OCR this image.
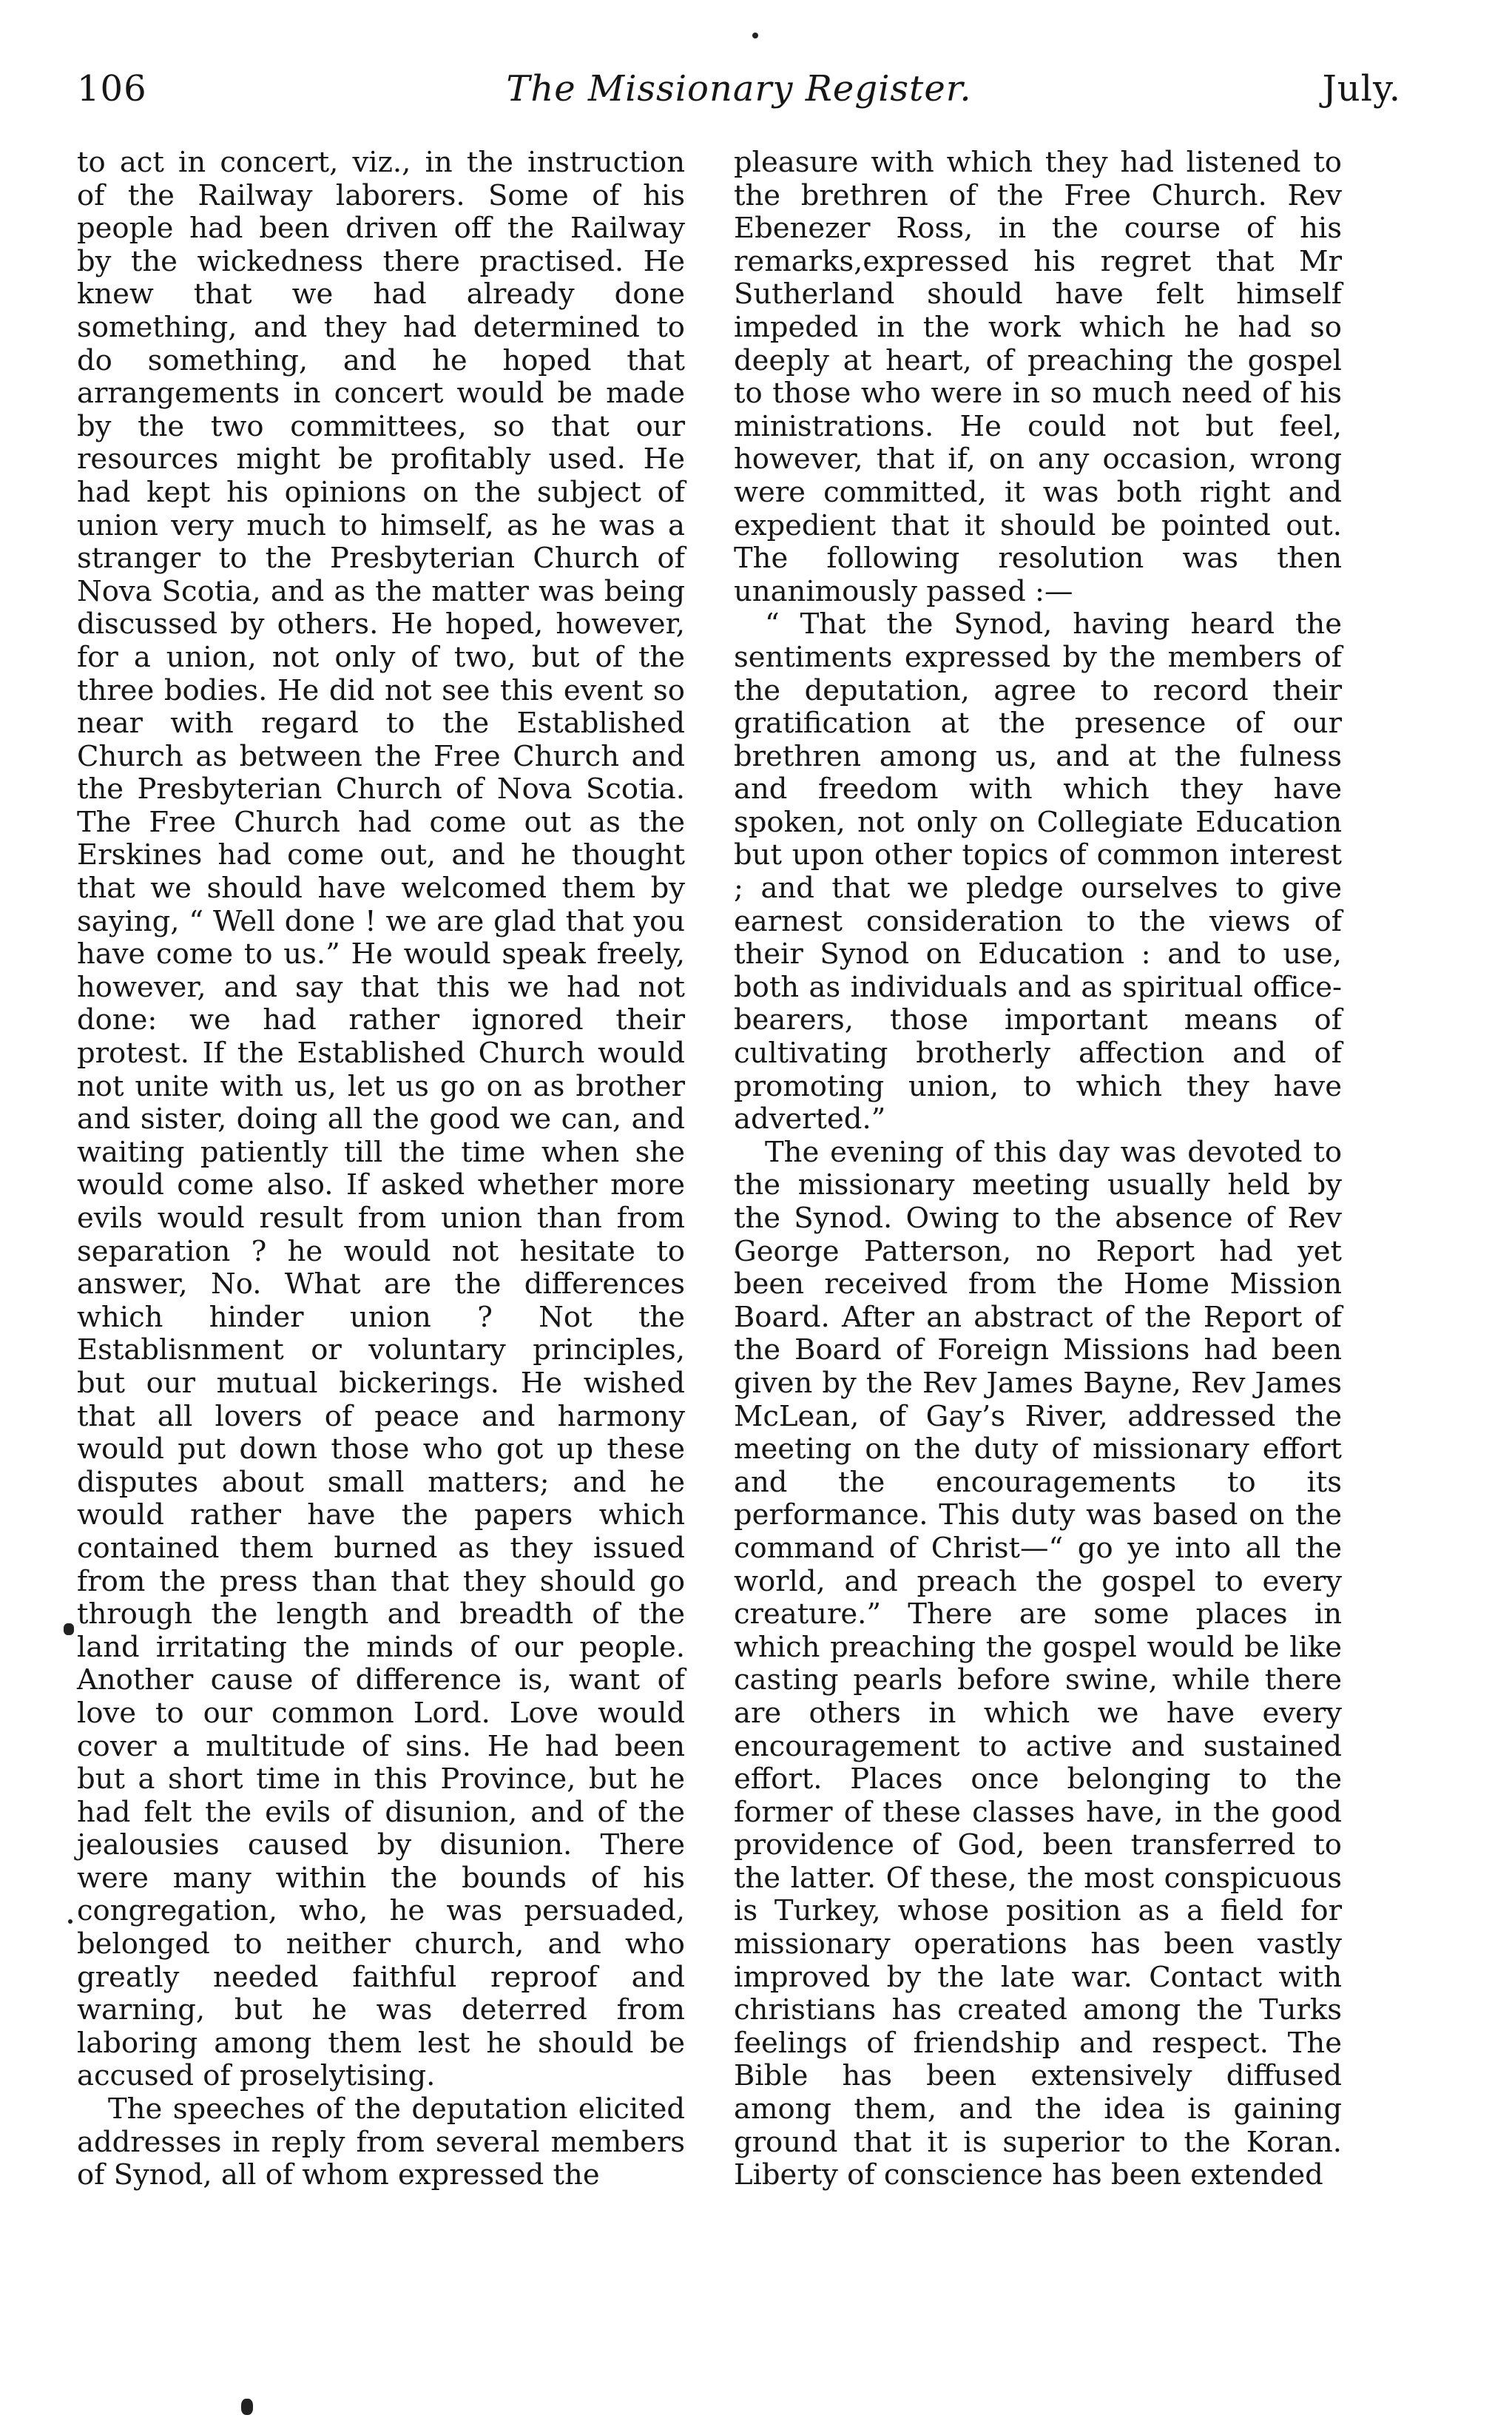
106	The Missionary Register.	July.

to act in concert, viz., in the instruction of the Railway laborers. Some of his people had been driven off the Railway by the wickedness there practised. He knew that we had already done something, and they had determined to do something, and he hoped that arrangements in concert would be made by the two committees, so that our resources might be profitably used. He had kept his opinions on the subject of union very much to himself, as he was a stranger to the Presbyterian Church of Nova Scotia, and as the matter was being discussed by others. He hoped, however, for a union, not only of two, but of the three bodies. He did not see this event so near with regard to the Established Church as between the Free Church and the Presbyterian Church of Nova Scotia. The Free Church had come out as the Erskines had come out, and he thought that we should have welcomed them by saying, “ Well done ! we are glad that you have come to us.” He would speak freely, however, and say that this we had not done: we had rather ignored their protest. If the Established Church would not unite with us, let us go on as brother and sister, doing all the good we can, and waiting patiently till the time when she would come also. If asked whether more evils would result from union than from separation ? he would not hesitate to answer, No. What are the differences which hinder union ? Not the Establisnment or voluntary principles, but our mutual bickerings. He wished that all lovers of peace and harmony would put down those who got up these disputes about small matters; and he would rather have the papers which contained them burned as they issued from the press than that they should go through the length and breadth of the land irritating the minds of our people. Another cause of difference is, want of love to our common Lord. Love would cover a multitude of sins. He had been but a short time in this Province, but he had felt the evils of disunion, and of the jealousies caused by disunion. There were many within the bounds of his congregation, who, he was persuaded, belonged to neither church, and who greatly needed faithful reproof and warning, but he was deterred from laboring among them lest he should be accused of proselytising.

The speeches of the deputation elicited addresses in reply from several members of Synod, all of whom expressed the

pleasure with which they had listened to the brethren of the Free Church. Rev Ebenezer Ross, in the course of his remarks,expressed his regret that Mr Sutherland should have felt himself impeded in the work which he had so deeply at heart, of preaching the gospel to those who were in so much need of his ministrations. He could not but feel, however, that if, on any occasion, wrong were committed, it was both right and expedient that it should be pointed out. The following resolution was then unanimously passed :—

“ That the Synod, having heard the sentiments expressed by the members of the deputation, agree to record their gratification at the presence of our brethren among us, and at the fulness and freedom with which they have spoken, not only on Collegiate Education but upon other topics of common interest ; and that we pledge ourselves to give earnest consideration to the views of their Synod on Education : and to use, both as individuals and as spiritual office-bearers, those important means of cultivating brotherly affection and of promoting union, to which they have adverted.”

The evening of this day was devoted to the missionary meeting usually held by the Synod. Owing to the absence of Rev George Patterson, no Report had yet been received from the Home Mission Board. After an abstract of the Report of the Board of Foreign Missions had been given by the Rev James Bayne, Rev James McLean, of Gay’s River, addressed the meeting on the duty of missionary effort and the encouragements to its performance. This duty was based on the command of Christ—“ go ye into all the world, and preach the gospel to every creature.” There are some places in which preaching the gospel would be like casting pearls before swine, while there are others in which we have every encouragement to active and sustained effort. Places once belonging to the former of these classes have, in the good providence of God, been transferred to the latter. Of these, the most conspicuous is Turkey, whose position as a field for missionary operations has been vastly improved by the late war. Contact with christians has created among the Turks feelings of friendship and respect. The Bible has been extensively diffused among them, and the idea is gaining ground that it is superior to the Koran. Liberty of conscience has been extended
